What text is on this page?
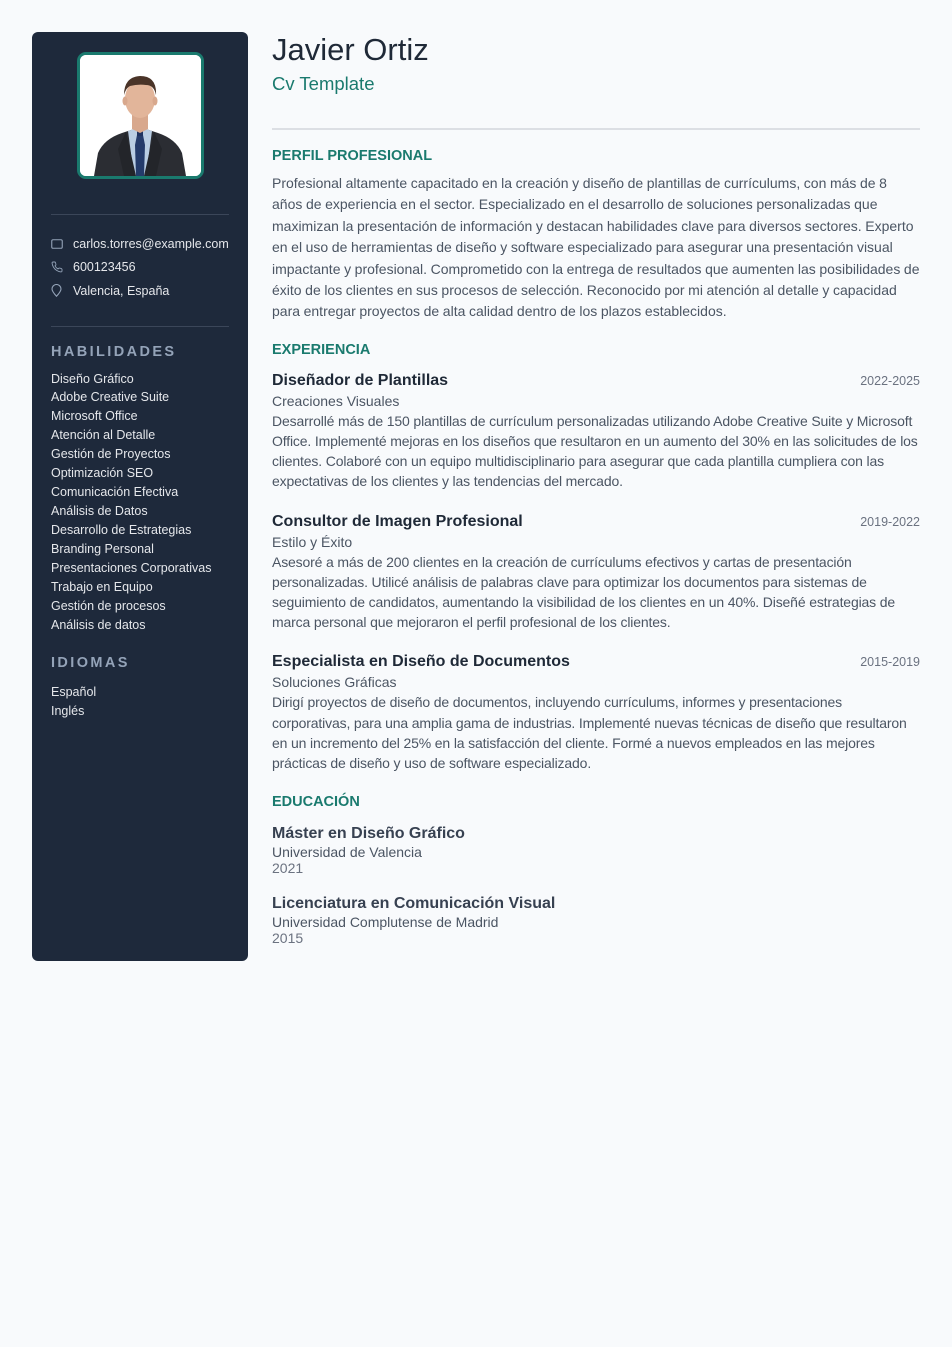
carlos.torres@example.com
600123456
Valencia, España
HABILIDADES
Diseño Gráfico
Adobe Creative Suite
Microsoft Office
Atención al Detalle
Gestión de Proyectos
Optimización SEO
Comunicación Efectiva
Análisis de Datos
Desarrollo de Estrategias
Branding Personal
Presentaciones Corporativas
Trabajo en Equipo
Gestión de procesos
Análisis de datos
IDIOMAS
Español
Inglés
Javier Ortiz
Cv Template
PERFIL PROFESIONAL

Profesional altamente capacitado en la creación y diseño de plantillas de currículums, con más de 8 años de experiencia en el sector. Especializado en el desarrollo de soluciones personalizadas que maximizan la presentación de información y destacan habilidades clave para diversos sectores. Experto en el uso de herramientas de diseño y software especializado para asegurar una presentación visual impactante y profesional. Comprometido con la entrega de resultados que aumenten las posibilidades de éxito de los clientes en sus procesos de selección. Reconocido por mi atención al detalle y capacidad para entregar proyectos de alta calidad dentro de los plazos establecidos.

EXPERIENCIA
Diseñador de Plantillas	2022-2025
Creaciones Visuales

Desarrollé más de 150 plantillas de currículum personalizadas utilizando Adobe Creative Suite y Microsoft Office. Implementé mejoras en los diseños que resultaron en un aumento del 30% en las solicitudes de los clientes. Colaboré con un equipo multidisciplinario para asegurar que cada plantilla cumpliera con las expectativas de los clientes y las tendencias del mercado.

Consultor de Imagen Profesional	2019-2022
Estilo y Éxito

Asesoré a más de 200 clientes en la creación de currículums efectivos y cartas de presentación personalizadas. Utilicé análisis de palabras clave para optimizar los documentos para sistemas de seguimiento de candidatos, aumentando la visibilidad de los clientes en un 40%. Diseñé estrategias de marca personal que mejoraron el perfil profesional de los clientes.

Especialista en Diseño de Documentos	2015-2019
Soluciones Gráficas

Dirigí proyectos de diseño de documentos, incluyendo currículums, informes y presentaciones corporativas, para una amplia gama de industrias. Implementé nuevas técnicas de diseño que resultaron en un incremento del 25% en la satisfacción del cliente. Formé a nuevos empleados en las mejores prácticas de diseño y uso de software especializado.

EDUCACIÓN
Máster en Diseño Gráfico
Universidad de Valencia
2021
Licenciatura en Comunicación Visual
Universidad Complutense de Madrid
2015
